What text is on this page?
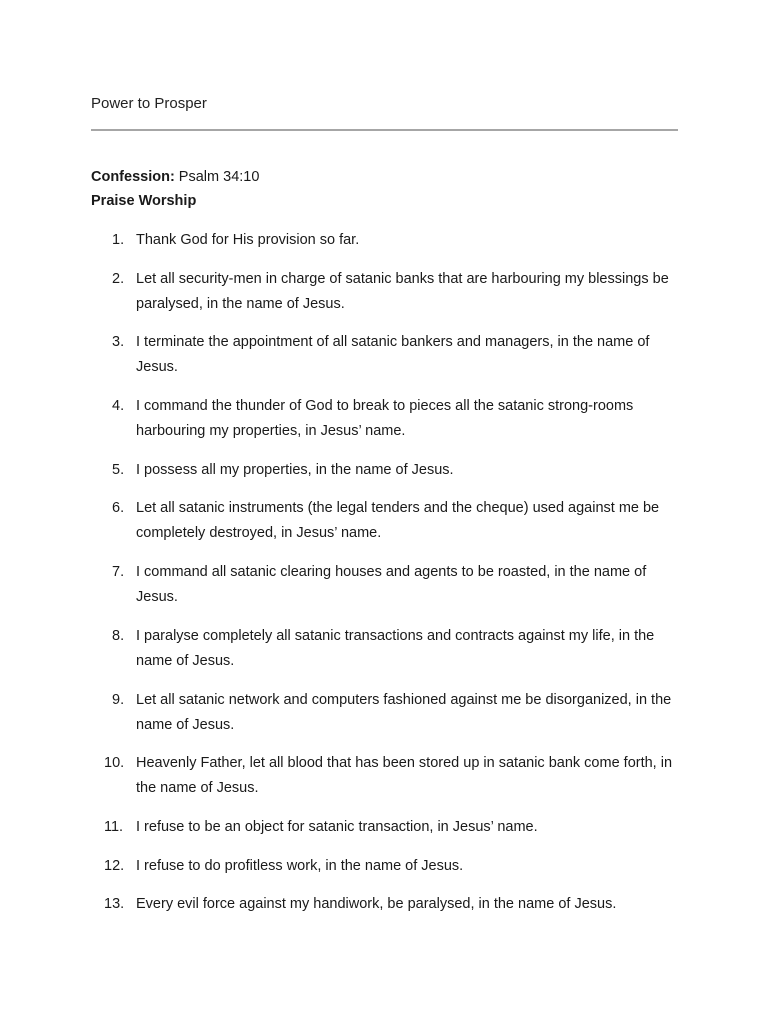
Power to Prosper
Confession: Psalm 34:10
Praise Worship
1. Thank God for His provision so far.
2. Let all security-men in charge of satanic banks that are harbouring my blessings be paralysed, in the name of Jesus.
3. I terminate the appointment of all satanic bankers and managers, in the name of Jesus.
4. I command the thunder of God to break to pieces all the satanic strong-rooms harbouring my properties, in Jesus’ name.
5. I possess all my properties, in the name of Jesus.
6. Let all satanic instruments (the legal tenders and the cheque) used against me be completely destroyed, in Jesus’ name.
7. I command all satanic clearing houses and agents to be roasted, in the name of Jesus.
8. I paralyse completely all satanic transactions and contracts against my life, in the name of Jesus.
9. Let all satanic network and computers fashioned against me be disorganized, in the name of Jesus.
10. Heavenly Father, let all blood that has been stored up in satanic bank come forth, in the name of Jesus.
11. I refuse to be an object for satanic transaction, in Jesus’ name.
12. I refuse to do profitless work, in the name of Jesus.
13. Every evil force against my handiwork, be paralysed, in the name of Jesus.
